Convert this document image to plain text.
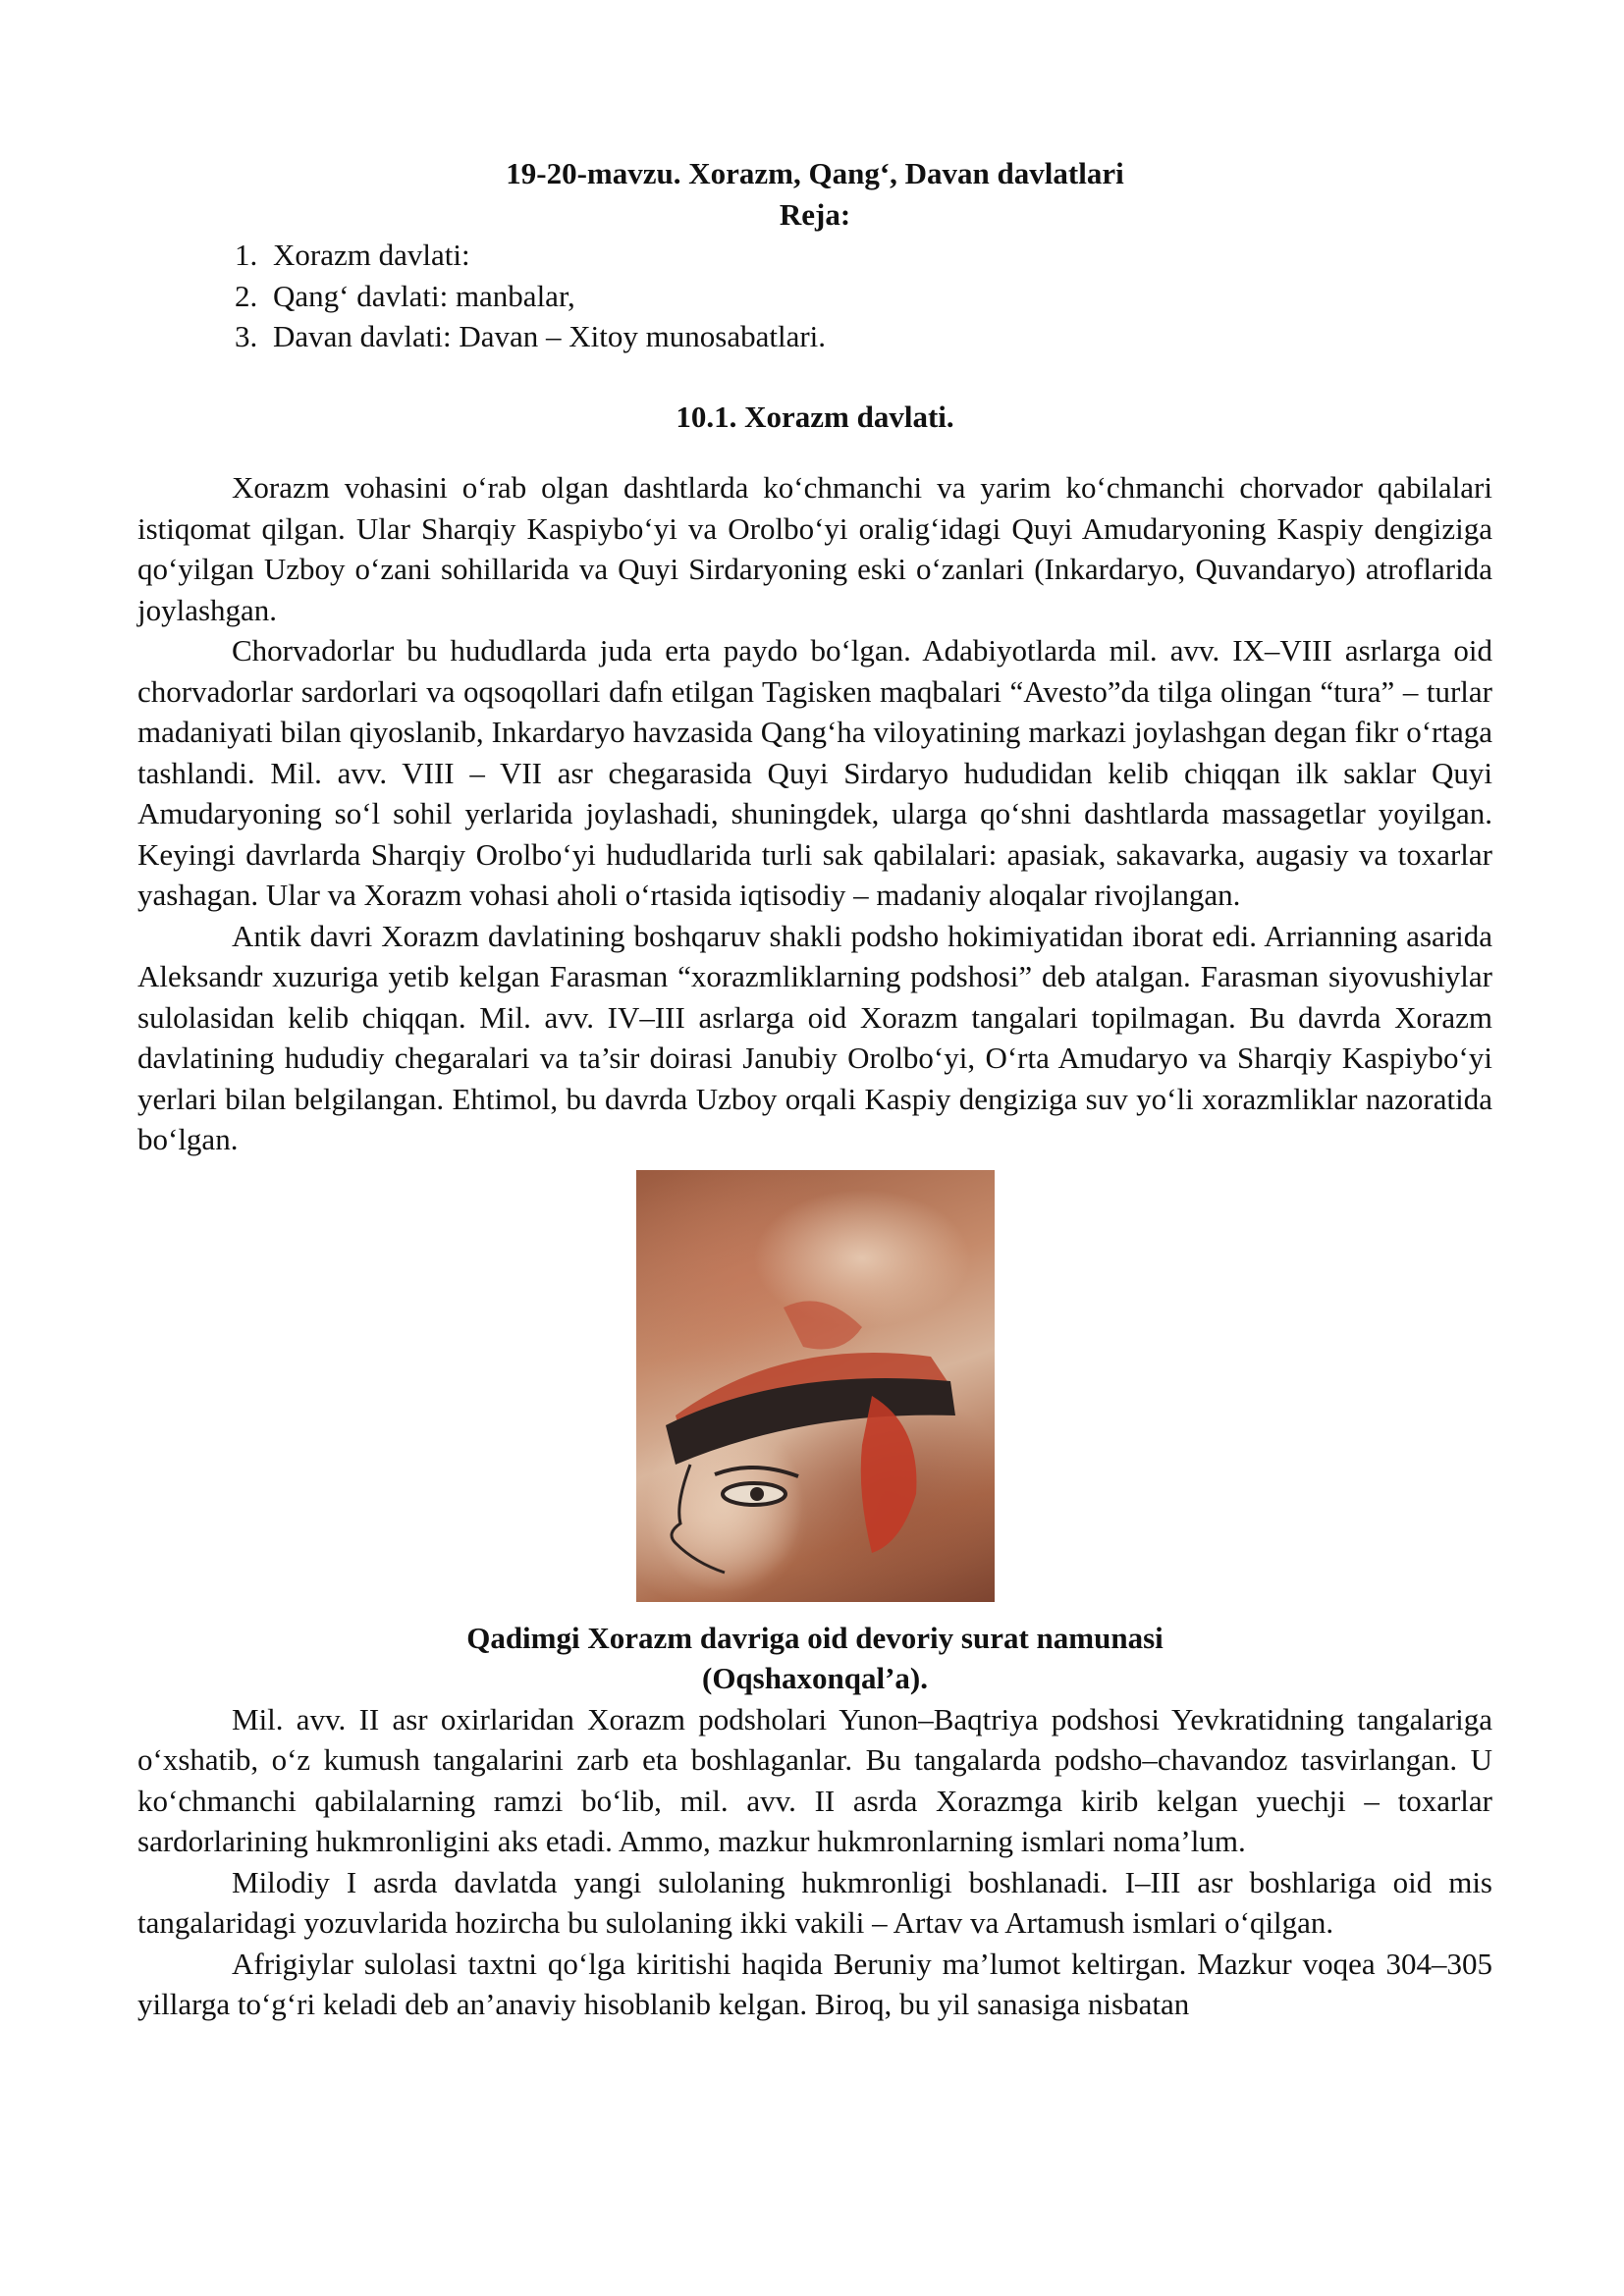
19-20-mavzu. Xorazm, Qang‘, Davan davlatlari

Reja:

1. Xorazm davlati:
2. Qang‘ davlati: manbalar,
3. Davan davlati: Davan – Xitoy munosabatlari.

10.1. Xorazm davlati.

Xorazm vohasini o‘rab olgan dashtlarda ko‘chmanchi va yarim ko‘chmanchi chorvador qabilalari istiqomat qilgan. Ular Sharqiy Kaspiybo‘yi va Orolbo‘yi oralig‘idagi Quyi Amudaryoning Kaspiy dengiziga qo‘yilgan Uzboy o‘zani sohillarida va Quyi Sirdaryoning eski o‘zanlari (Inkardaryo, Quvandaryo) atroflarida joylashgan.

Chorvadorlar bu hududlarda juda erta paydo bo‘lgan. Adabiyotlarda mil. avv. IX–VIII asrlarga oid chorvadorlar sardorlari va oqsoqollari dafn etilgan Tagisken maqbalari “Avesto”da tilga olingan “tura” – turlar madaniyati bilan qiyoslanib, Inkardaryo havzasida Qang‘ha viloyatining markazi joylashgan degan fikr o‘rtaga tashlandi. Mil. avv. VIII – VII asr chegarasida Quyi Sirdaryo hududidan kelib chiqqan ilk saklar Quyi Amudaryoning so‘l sohil yerlarida joylashadi, shuningdek, ularga qo‘shni dashtlarda massagetlar yoyilgan. Keyingi davrlarda Sharqiy Orolbo‘yi hududlarida turli sak qabilalari: apasiak, sakavarka, augasiy va toxarlar yashagan. Ular va Xorazm vohasi aholi o‘rtasida iqtisodiy – madaniy aloqalar rivojlangan.

Antik davri Xorazm davlatining boshqaruv shakli podsho hokimiyatidan iborat edi. Arrianning asarida Aleksandr xuzuriga yetib kelgan Farasman “xorazmliklarning podshosi” deb atalgan. Farasman siyovushiylar sulolasidan kelib chiqqan. Mil. avv. IV–III asrlarga oid Xorazm tangalari topilmagan. Bu davrda Xorazm davlatining hududiy chegaralari va ta’sir doirasi Janubiy Orolbo‘yi, O‘rta Amudaryo va Sharqiy Kaspiybo‘yi yerlari bilan belgilangan. Ehtimol, bu davrda Uzboy orqali Kaspiy dengiziga suv yo‘li xorazmliklar nazoratida bo‘lgan.

Qadimgi Xorazm davriga oid devoriy surat namunasi

(Oqshaxonqal’a).

Mil. avv. II asr oxirlaridan Xorazm podsholari Yunon–Baqtriya podshosi Yevkratidning tangalariga o‘xshatib, o‘z kumush tangalarini zarb eta boshlaganlar. Bu tangalarda podsho–chavandoz tasvirlangan. U ko‘chmanchi qabilalarning ramzi bo‘lib, mil. avv. II asrda Xorazmga kirib kelgan yuechji – toxarlar sardorlarining hukmronligini aks etadi. Ammo, mazkur hukmronlarning ismlari noma’lum.

Milodiy I asrda davlatda yangi sulolaning hukmronligi boshlanadi. I–III asr boshlariga oid mis tangalaridagi yozuvlarida hozircha bu sulolaning ikki vakili – Artav va Artamush ismlari o‘qilgan.

Afrigiylar sulolasi taxtni qo‘lga kiritishi haqida Beruniy ma’lumot keltirgan. Mazkur voqea 304–305 yillarga to‘g‘ri keladi deb an’anaviy hisoblanib kelgan. Biroq, bu yil sanasiga nisbatan
